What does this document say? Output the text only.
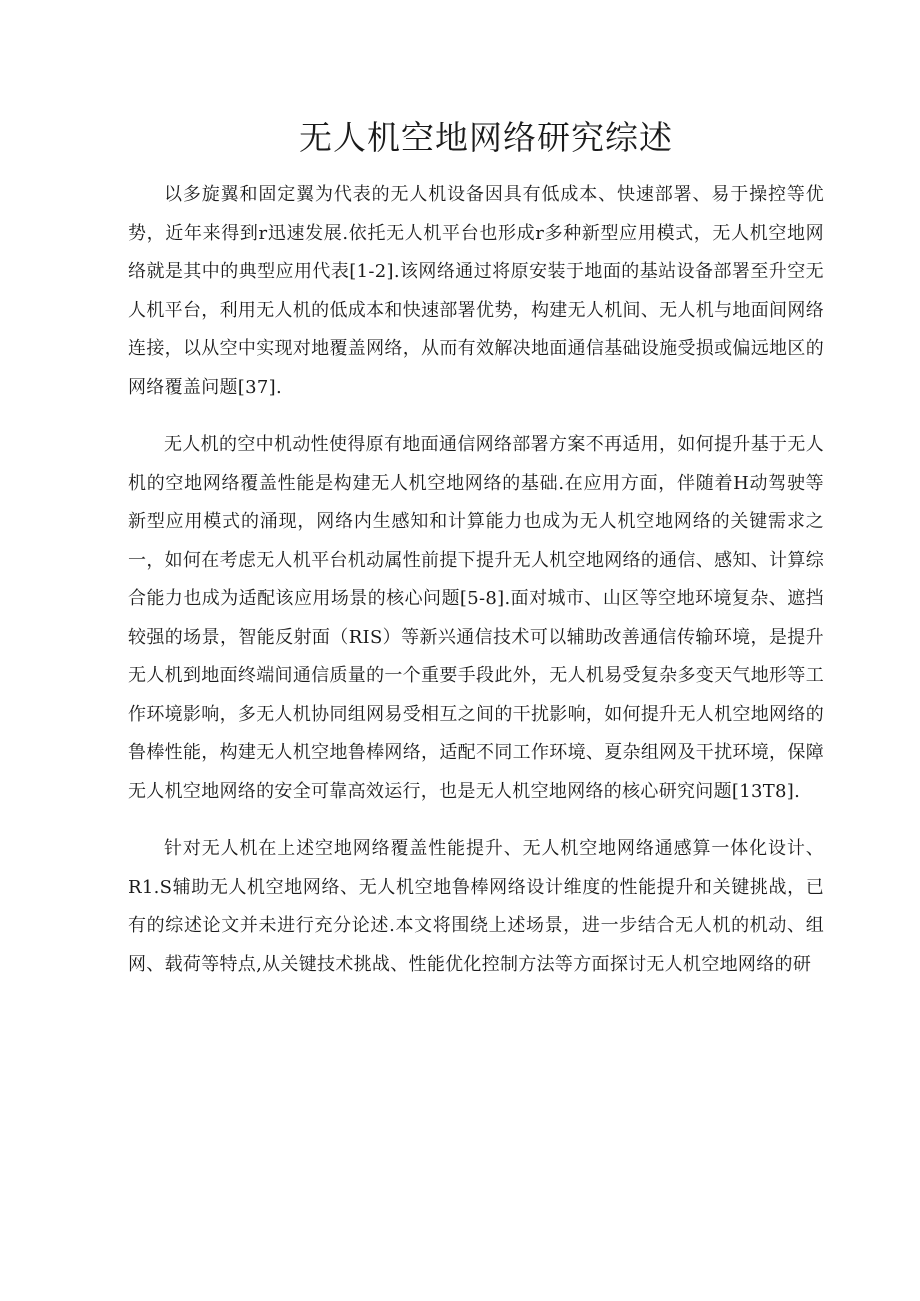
无人机空地网络研究综述

以多旋翼和固定翼为代表的无人机设备因具有低成本、快速部署、易于操控等优势，近年来得到r迅速发展.依托无人机平台也形成r多种新型应用模式，无人机空地网络就是其中的典型应用代表[1-2].该网络通过将原安装于地面的基站设备部署至升空无人机平台，利用无人机的低成本和快速部署优势，构建无人机间、无人机与地面间网络连接，以从空中实现对地覆盖网络，从而有效解决地面通信基础设施受损或偏远地区的网络覆盖问题[37].

无人机的空中机动性使得原有地面通信网络部署方案不再适用，如何提升基于无人机的空地网络覆盖性能是构建无人机空地网络的基础.在应用方面，伴随着H动驾驶等新型应用模式的涌现，网络内生感知和计算能力也成为无人机空地网络的关键需求之一，如何在考虑无人机平台机动属性前提下提升无人机空地网络的通信、感知、计算综合能力也成为适配该应用场景的核心问题[5-8].面对城市、山区等空地环境复杂、遮挡较强的场景，智能反射面（RIS）等新兴通信技术可以辅助改善通信传输环境，是提升无人机到地面终端间通信质量的一个重要手段此外，无人机易受复杂多变天气地形等工作环境影响，多无人机协同组网易受相互之间的干扰影响，如何提升无人机空地网络的鲁棒性能，构建无人机空地鲁棒网络，适配不同工作环境、夏杂组网及干扰环境，保障无人机空地网络的安全可靠高效运行，也是无人机空地网络的核心研究问题[13T8].

针对无人机在上述空地网络覆盖性能提升、无人机空地网络通感算一体化设计、R1.S辅助无人机空地网络、无人机空地鲁棒网络设计维度的性能提升和关键挑战，已有的综述论文并未进行充分论述.本文将围绕上述场景，进一步结合无人机的机动、组网、载荷等特点,从关键技术挑战、性能优化控制方法等方面探讨无人机空地网络的研
